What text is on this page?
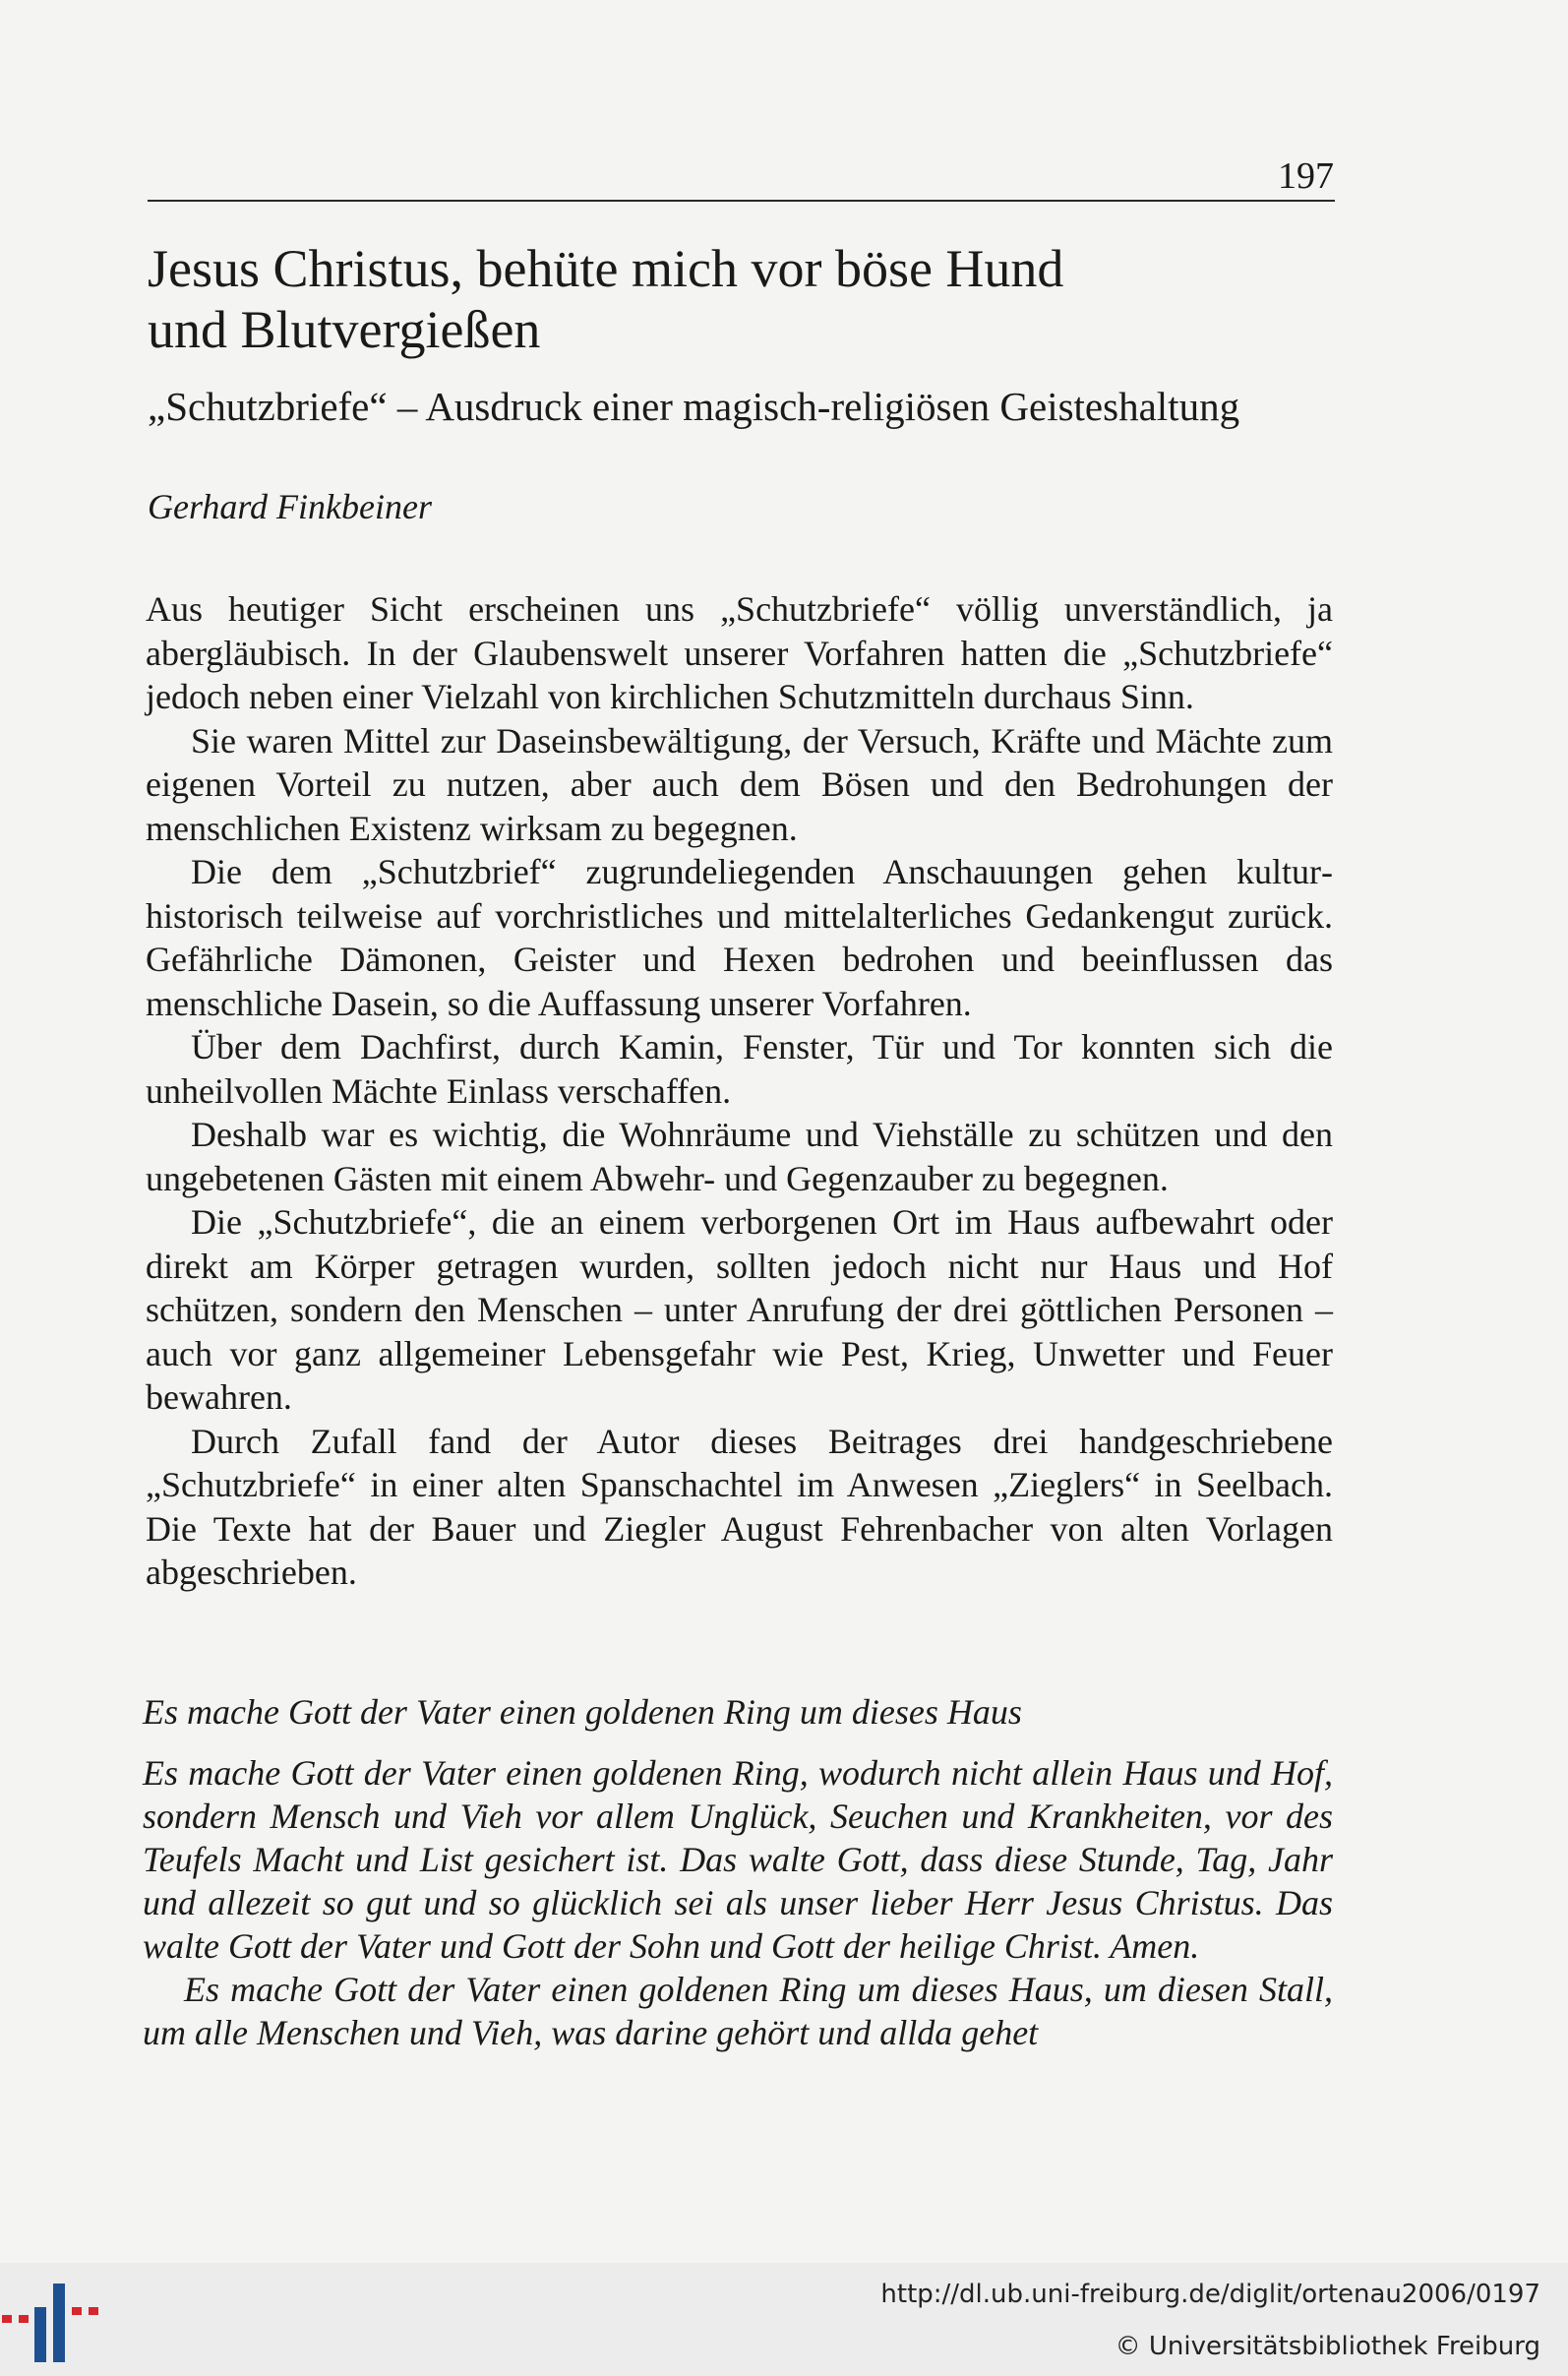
197
Jesus Christus, behüte mich vor böse Hund
und Blutvergießen
„Schutzbriefe“ – Ausdruck einer magisch-religiösen Geisteshaltung
Gerhard Finkbeiner

Aus heutiger Sicht erscheinen uns „Schutzbriefe“ völlig unverständlich, ja abergläubisch. In der Glaubenswelt unserer Vorfahren hatten die „Schutzbriefe“ jedoch neben einer Vielzahl von kirchlichen Schutzmitteln durchaus Sinn.

Sie waren Mittel zur Daseinsbewältigung, der Versuch, Kräfte und Mächte zum eigenen Vorteil zu nutzen, aber auch dem Bösen und den Bedrohungen der menschlichen Existenz wirksam zu begegnen.

Die dem „Schutzbrief“ zugrundeliegenden Anschauungen gehen kulturhistorisch teilweise auf vorchristliches und mittelalterliches Gedankengut zurück. Gefährliche Dämonen, Geister und Hexen bedrohen und beeinflussen das menschliche Dasein, so die Auffassung unserer Vorfahren.

Über dem Dachfirst, durch Kamin, Fenster, Tür und Tor konnten sich die unheilvollen Mächte Einlass verschaffen.

Deshalb war es wichtig, die Wohnräume und Viehställe zu schützen und den ungebetenen Gästen mit einem Abwehr- und Gegenzauber zu begegnen.

Die „Schutzbriefe“, die an einem verborgenen Ort im Haus aufbewahrt oder direkt am Körper getragen wurden, sollten jedoch nicht nur Haus und Hof schützen, sondern den Menschen – unter Anrufung der drei göttlichen Personen – auch vor ganz allgemeiner Lebensgefahr wie Pest, Krieg, Unwetter und Feuer bewahren.

Durch Zufall fand der Autor dieses Beitrages drei handgeschriebene „Schutzbriefe“ in einer alten Spanschachtel im Anwesen „Zieglers“ in Seelbach. Die Texte hat der Bauer und Ziegler August Fehrenbacher von alten Vorlagen abgeschrieben.

Es mache Gott der Vater einen goldenen Ring um dieses Haus

Es mache Gott der Vater einen goldenen Ring, wodurch nicht allein Haus und Hof, sondern Mensch und Vieh vor allem Unglück, Seuchen und Krankheiten, vor des Teufels Macht und List gesichert ist. Das walte Gott, dass diese Stunde, Tag, Jahr und allezeit so gut und so glücklich sei als unser lieber Herr Jesus Christus. Das walte Gott der Vater und Gott der Sohn und Gott der heilige Christ. Amen.

Es mache Gott der Vater einen goldenen Ring um dieses Haus, um diesen Stall, um alle Menschen und Vieh, was darine gehört und allda gehet

http://dl.ub.uni-freiburg.de/diglit/ortenau2006/0197
© Universitätsbibliothek Freiburg
